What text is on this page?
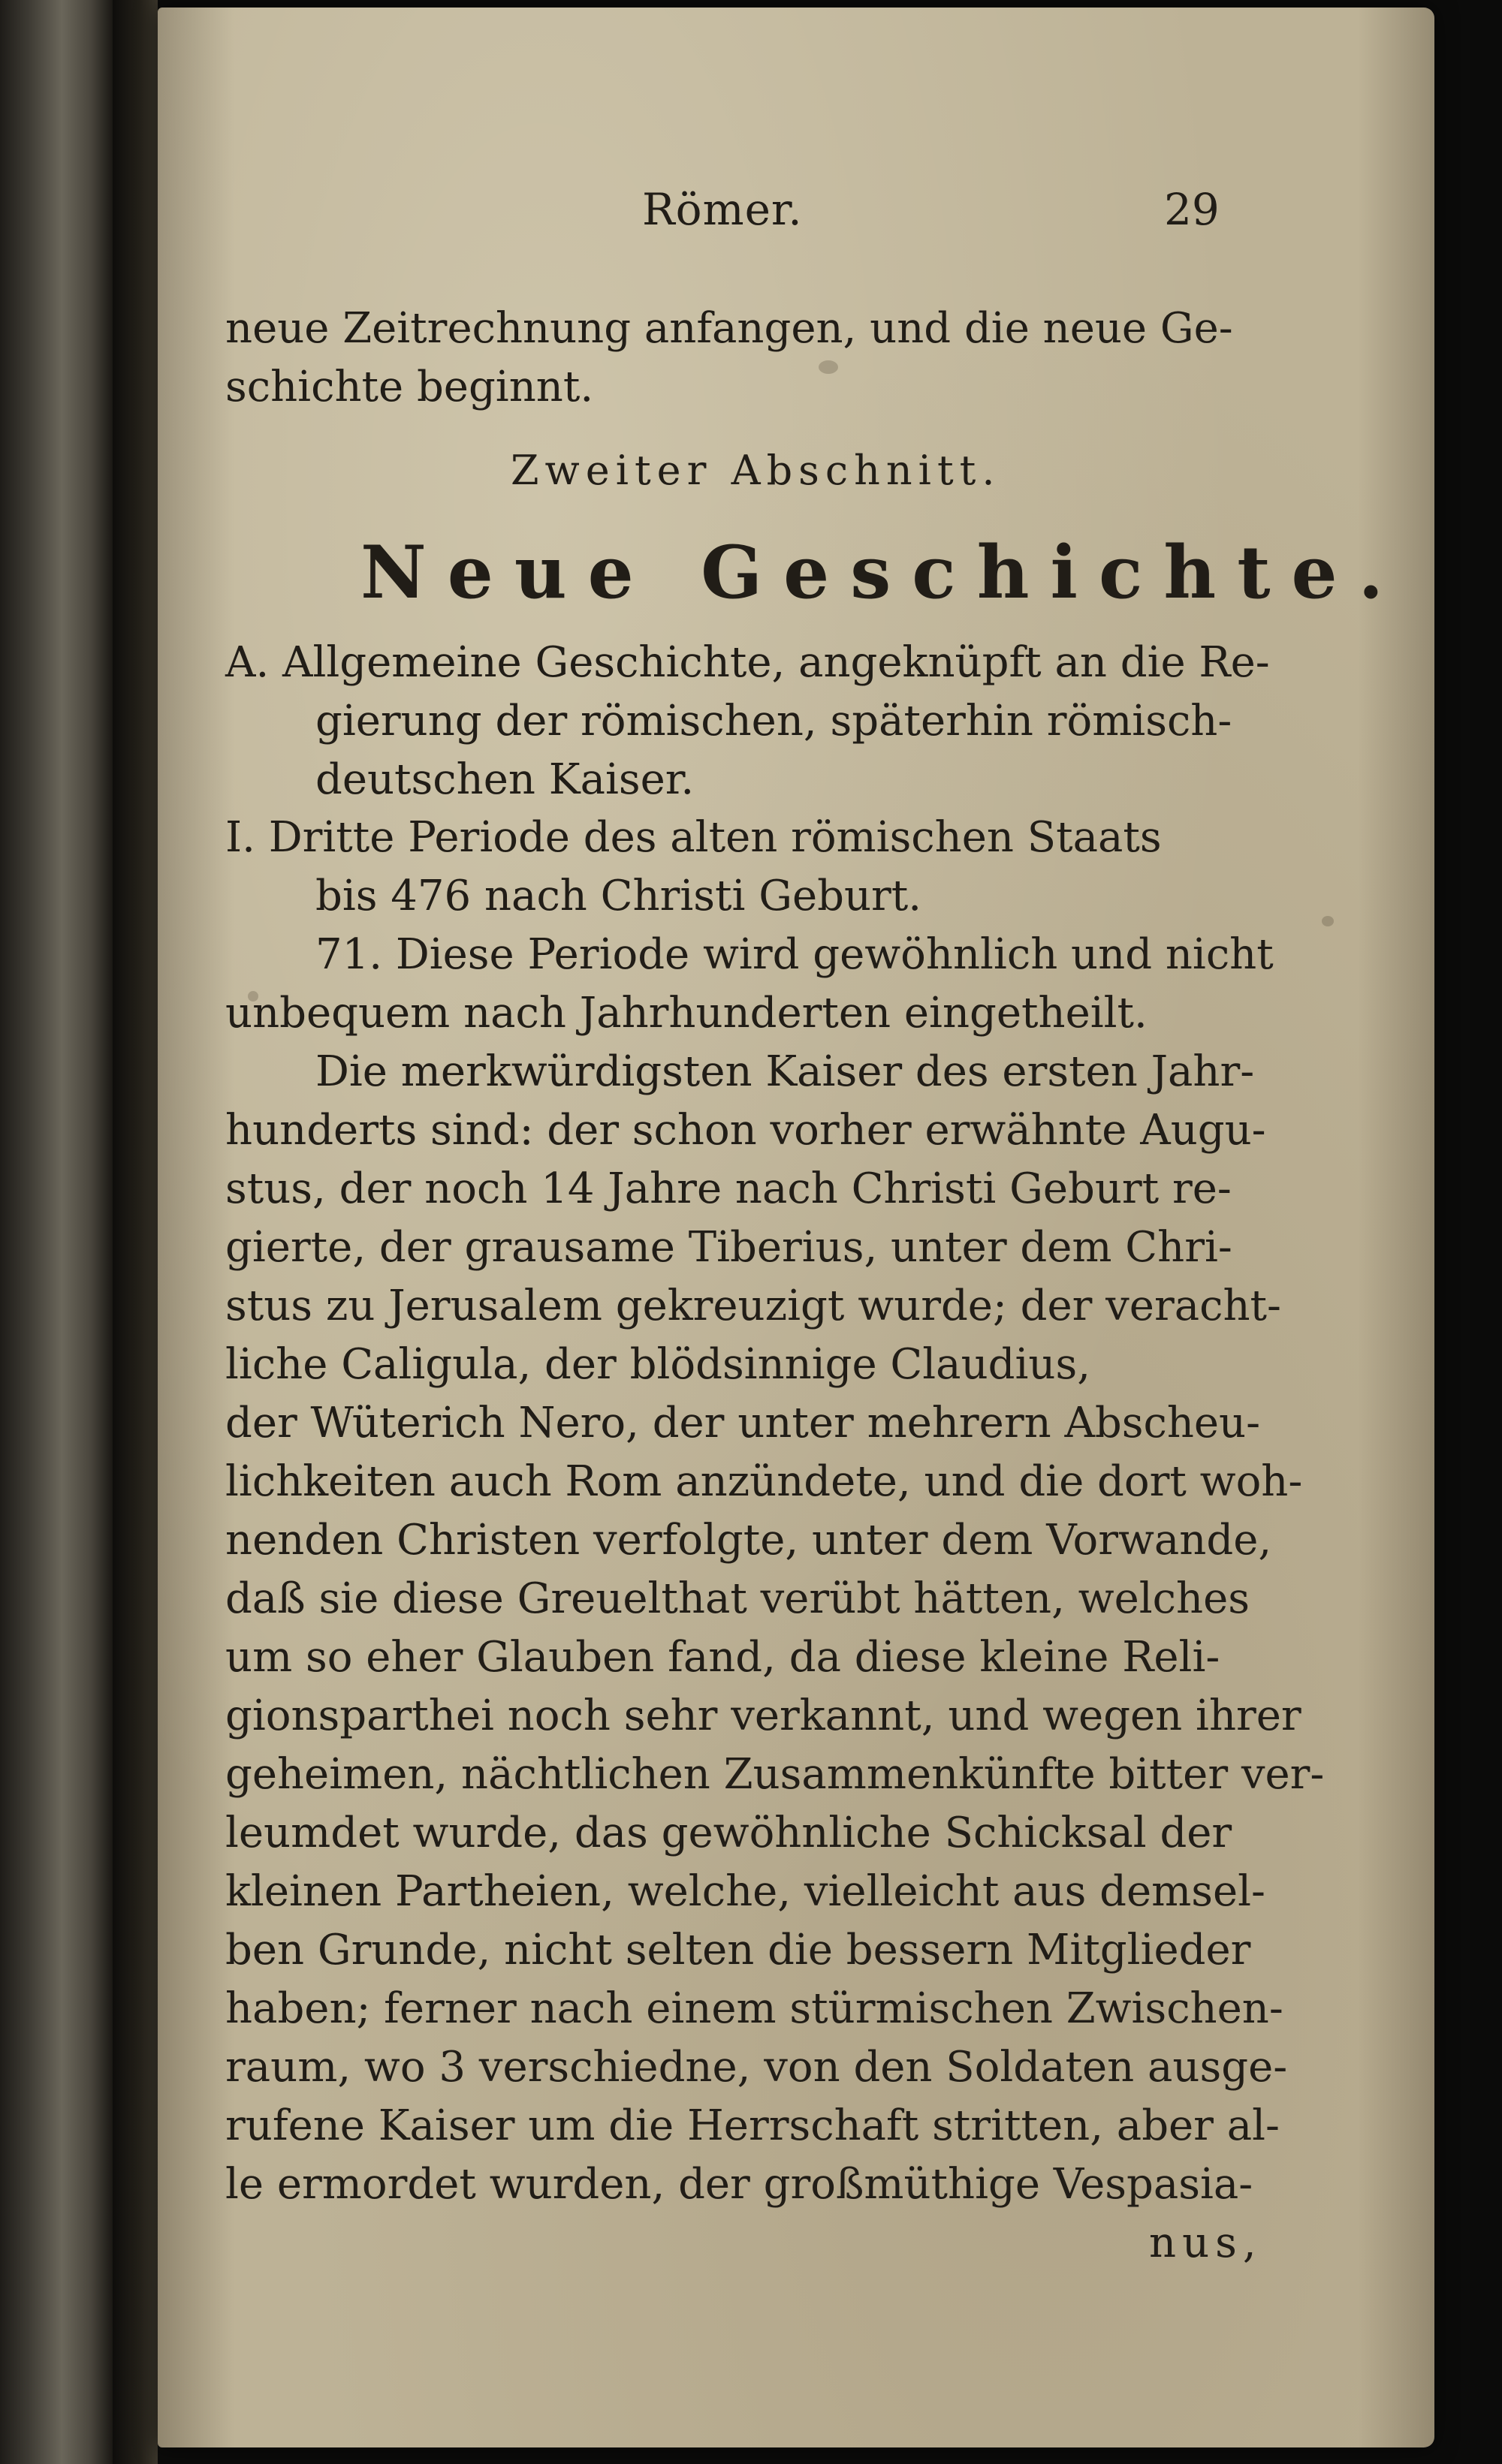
Römer.	29
neue Zeitrechnung anfangen, und die neue Ge-
schichte beginnt.
Zweiter Abschnitt.
Neue Geschichte.
A. Allgemeine Geschichte, angeknüpft an die Re-
gierung der römischen, späterhin römisch-
deutschen Kaiser.
I. Dritte Periode des alten römischen Staats
bis 476 nach Christi Geburt.
71. Diese Periode wird gewöhnlich und nicht
unbequem nach Jahrhunderten eingetheilt.
Die merkwürdigsten Kaiser des ersten Jahr-
hunderts sind: der schon vorher erwähnte Augu-
stus, der noch 14 Jahre nach Christi Geburt re-
gierte, der grausame Tiberius, unter dem Chri-
stus zu Jerusalem gekreuzigt wurde; der veracht-
liche Caligula, der blödsinnige Claudius,
der Wüterich Nero, der unter mehrern Abscheu-
lichkeiten auch Rom anzündete, und die dort woh-
nenden Christen verfolgte, unter dem Vorwande,
daß sie diese Greuelthat verübt hätten, welches
um so eher Glauben fand, da diese kleine Reli-
gionsparthei noch sehr verkannt, und wegen ihrer
geheimen, nächtlichen Zusammenkünfte bitter ver-
leumdet wurde, das gewöhnliche Schicksal der
kleinen Partheien, welche, vielleicht aus demsel-
ben Grunde, nicht selten die bessern Mitglieder
haben; ferner nach einem stürmischen Zwischen-
raum, wo 3 verschiedne, von den Soldaten ausge-
rufene Kaiser um die Herrschaft stritten, aber al-
le ermordet wurden, der großmüthige Vespasia-
nus,
